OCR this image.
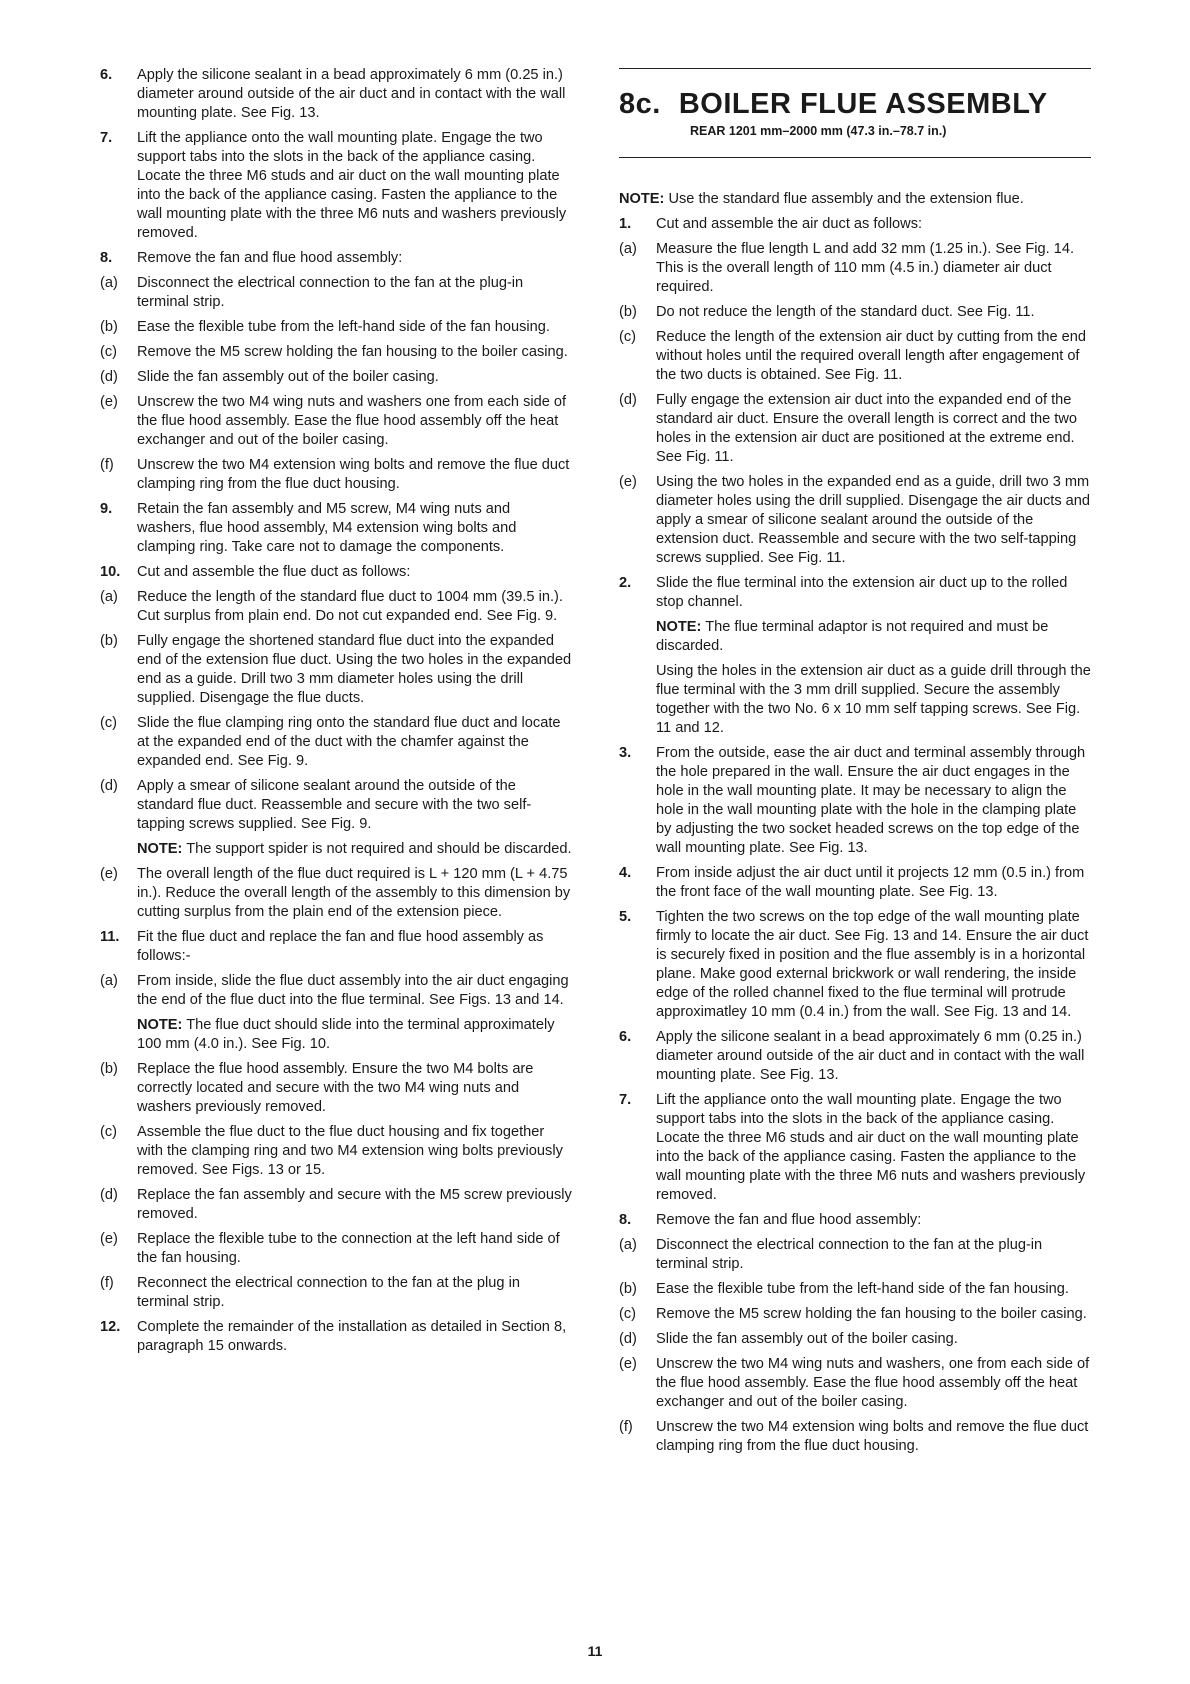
6.	Apply the silicone sealant in a bead approximately 6 mm (0.25 in.) diameter around outside of the air duct and in contact with the wall mounting plate. See Fig. 13.
7.	Lift the appliance onto the wall mounting plate. Engage the two support tabs into the slots in the back of the appliance casing. Locate the three M6 studs and air duct on the wall mounting plate into the back of the appliance casing. Fasten the appliance to the wall mounting plate with the three M6 nuts and washers previously removed.
8.	Remove the fan and flue hood assembly:
(a)	Disconnect the electrical connection to the fan at the plug-in terminal strip.
(b)	Ease the flexible tube from the left-hand side of the fan housing.
(c)	Remove the M5 screw holding the fan housing to the boiler casing.
(d)	Slide the fan assembly out of the boiler casing.
(e)	Unscrew the two M4 wing nuts and washers one from each side of the flue hood assembly. Ease the flue hood assembly off the heat exchanger and out of the boiler casing.
(f)	Unscrew the two M4 extension wing bolts and remove the flue duct clamping ring from the flue duct housing.
9.	Retain the fan assembly and M5 screw, M4 wing nuts and washers, flue hood assembly, M4 extension wing bolts and clamping ring. Take care not to damage the components.
10.	Cut and assemble the flue duct as follows:
(a)	Reduce the length of the standard flue duct to 1004 mm (39.5 in.). Cut surplus from plain end. Do not cut expanded end. See Fig. 9.
(b)	Fully engage the shortened standard flue duct into the expanded end of the extension flue duct. Using the two holes in the expanded end as a guide. Drill two 3 mm diameter holes using the drill supplied. Disengage the flue ducts.
(c)	Slide the flue clamping ring onto the standard flue duct and locate at the expanded end of the duct with the chamfer against the expanded end. See Fig. 9.
(d)	Apply a smear of silicone sealant around the outside of the standard flue duct. Reassemble and secure with the two self-tapping screws supplied. See Fig. 9.
NOTE: The support spider is not required and should be discarded.
(e)	The overall length of the flue duct required is L + 120 mm (L + 4.75 in.). Reduce the overall length of the assembly to this dimension by cutting surplus from the plain end of the extension piece.
11.	Fit the flue duct and replace the fan and flue hood assembly as follows:-
(a)	From inside, slide the flue duct assembly into the air duct engaging the end of the flue duct into the flue terminal. See Figs. 13 and 14.
NOTE: The flue duct should slide into the terminal approximately 100 mm (4.0 in.). See Fig. 10.
(b)	Replace the flue hood assembly. Ensure the two M4 bolts are correctly located and secure with the two M4 wing nuts and washers previously removed.
(c)	Assemble the flue duct to the flue duct housing and fix together with the clamping ring and two M4 extension wing bolts previously removed. See Figs. 13 or 15.
(d)	Replace the fan assembly and secure with the M5 screw previously removed.
(e)	Replace the flexible tube to the connection at the left hand side of the fan housing.
(f)	Reconnect the electrical connection to the fan at the plug in terminal strip.
12.	Complete the remainder of the installation as detailed in Section 8, paragraph 15 onwards.
8c. BOILER FLUE ASSEMBLY
REAR 1201 mm–2000 mm (47.3 in.–78.7 in.)
NOTE: Use the standard flue assembly and the extension flue.
1.	Cut and assemble the air duct as follows:
(a)	Measure the flue length L and add 32 mm (1.25 in.). See Fig. 14. This is the overall length of 110 mm (4.5 in.) diameter air duct required.
(b)	Do not reduce the length of the standard duct. See Fig. 11.
(c)	Reduce the length of the extension air duct by cutting from the end without holes until the required overall length after engagement of the two ducts is obtained. See Fig. 11.
(d)	Fully engage the extension air duct into the expanded end of the standard air duct. Ensure the overall length is correct and the two holes in the extension air duct are positioned at the extreme end. See Fig. 11.
(e)	Using the two holes in the expanded end as a guide, drill two 3 mm diameter holes using the drill supplied. Disengage the air ducts and apply a smear of silicone sealant around the outside of the extension duct. Reassemble and secure with the two self-tapping screws supplied. See Fig. 11.
2.	Slide the flue terminal into the extension air duct up to the rolled stop channel.
NOTE: The flue terminal adaptor is not required and must be discarded.
Using the holes in the extension air duct as a guide drill through the flue terminal with the 3 mm drill supplied. Secure the assembly together with the two No. 6 x 10 mm self tapping screws. See Fig. 11 and 12.
3.	From the outside, ease the air duct and terminal assembly through the hole prepared in the wall. Ensure the air duct engages in the hole in the wall mounting plate. It may be necessary to align the hole in the wall mounting plate with the hole in the clamping plate by adjusting the two socket headed screws on the top edge of the wall mounting plate. See Fig. 13.
4.	From inside adjust the air duct until it projects 12 mm (0.5 in.) from the front face of the wall mounting plate. See Fig. 13.
5.	Tighten the two screws on the top edge of the wall mounting plate firmly to locate the air duct. See Fig. 13 and 14. Ensure the air duct is securely fixed in position and the flue assembly is in a horizontal plane. Make good external brickwork or wall rendering, the inside edge of the rolled channel fixed to the flue terminal will protrude approximatley 10 mm (0.4 in.) from the wall. See Fig. 13 and 14.
6.	Apply the silicone sealant in a bead approximately 6 mm (0.25 in.) diameter around outside of the air duct and in contact with the wall mounting plate. See Fig. 13.
7.	Lift the appliance onto the wall mounting plate. Engage the two support tabs into the slots in the back of the appliance casing. Locate the three M6 studs and air duct on the wall mounting plate into the back of the appliance casing. Fasten the appliance to the wall mounting plate with the three M6 nuts and washers previously removed.
8.	Remove the fan and flue hood assembly:
(a)	Disconnect the electrical connection to the fan at the plug-in terminal strip.
(b)	Ease the flexible tube from the left-hand side of the fan housing.
(c)	Remove the M5 screw holding the fan housing to the boiler casing.
(d)	Slide the fan assembly out of the boiler casing.
(e)	Unscrew the two M4 wing nuts and washers, one from each side of the flue hood assembly. Ease the flue hood assembly off the heat exchanger and out of the boiler casing.
(f)	Unscrew the two M4 extension wing bolts and remove the flue duct clamping ring from the flue duct housing.
11
